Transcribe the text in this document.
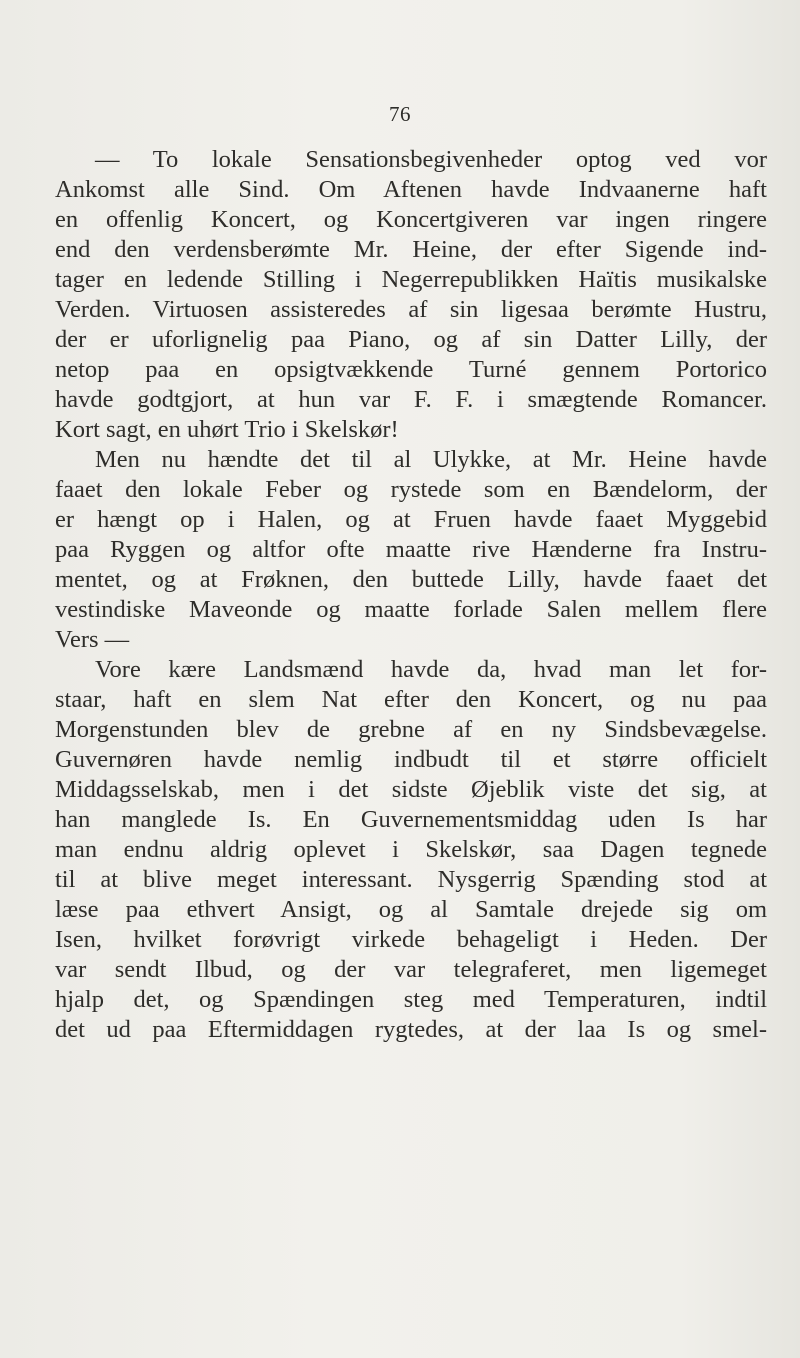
76
— To lokale Sensationsbegivenheder optog ved vor
Ankomst alle Sind. Om Aftenen havde Indvaanerne haft
en offenlig Koncert, og Koncertgiveren var ingen ringere
end den verdensberømte Mr. Heine, der efter Sigende ind-
tager en ledende Stilling i Negerrepublikken Haïtis musikalske
Verden. Virtuosen assisteredes af sin ligesaa berømte Hustru,
der er uforlignelig paa Piano, og af sin Datter Lilly, der
netop paa en opsigtvækkende Turné gennem Portorico
havde godtgjort, at hun var F. F. i smægtende Romancer.
Kort sagt, en uhørt Trio i Skelskør!
Men nu hændte det til al Ulykke, at Mr. Heine havde
faaet den lokale Feber og rystede som en Bændelorm, der
er hængt op i Halen, og at Fruen havde faaet Myggebid
paa Ryggen og altfor ofte maatte rive Hænderne fra Instru-
mentet, og at Frøknen, den buttede Lilly, havde faaet det
vestindiske Maveonde og maatte forlade Salen mellem flere
Vers —
Vore kære Landsmænd havde da, hvad man let for-
staar, haft en slem Nat efter den Koncert, og nu paa
Morgenstunden blev de grebne af en ny Sindsbevægelse.
Guvernøren havde nemlig indbudt til et større officielt
Middagsselskab, men i det sidste Øjeblik viste det sig, at
han manglede Is. En Guvernementsmiddag uden Is har
man endnu aldrig oplevet i Skelskør, saa Dagen tegnede
til at blive meget interessant. Nysgerrig Spænding stod at
læse paa ethvert Ansigt, og al Samtale drejede sig om
Isen, hvilket forøvrigt virkede behageligt i Heden. Der
var sendt Ilbud, og der var telegraferet, men ligemeget
hjalp det, og Spændingen steg med Temperaturen, indtil
det ud paa Eftermiddagen rygtedes, at der laa Is og smel-
